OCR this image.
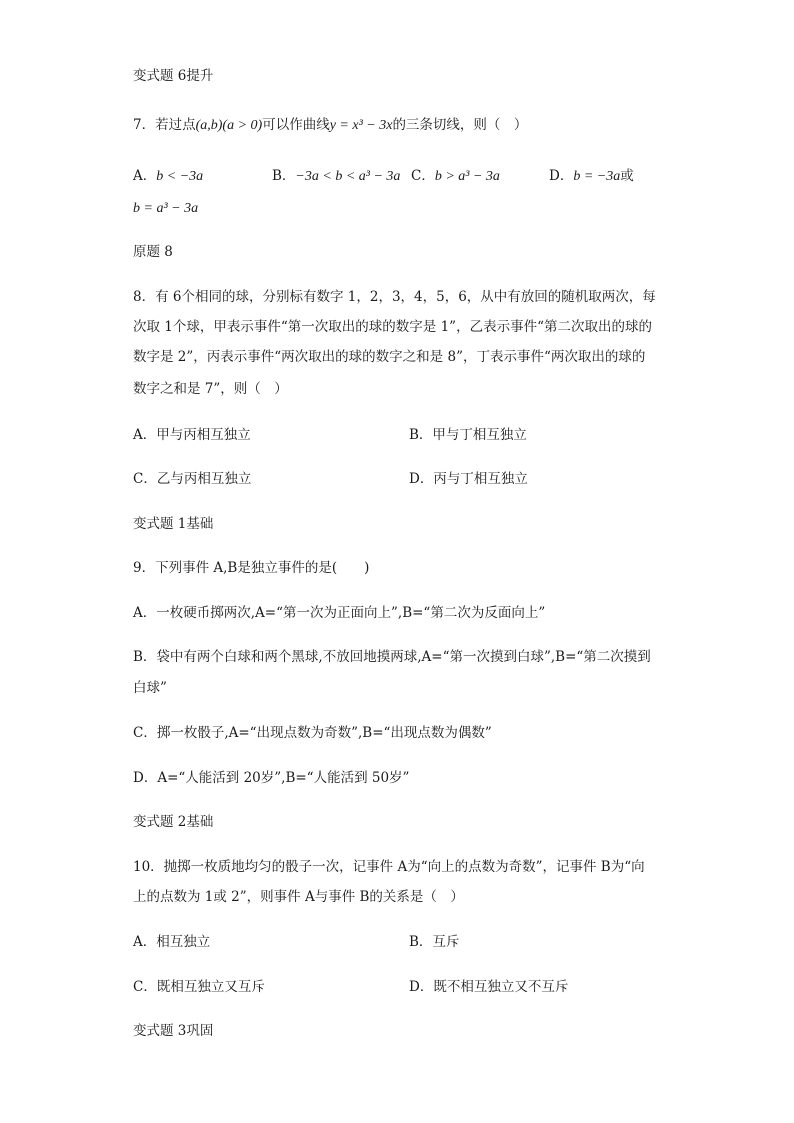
变式题 6提升
7．若过点(a,b)(a > 0)可以作曲线y = x³ − 3x的三条切线，则（　）
A．b < −3a	B．−3a < b < a³ − 3a C．b > a³ − 3a	D．b = −3a或
b = a³ − 3a
原题 8
8．有 6个相同的球，分别标有数字 1，2，3，4，5，6，从中有放回的随机取两次，每
次取 1个球，甲表示事件“第一次取出的球的数字是 1”，乙表示事件“第二次取出的球的
数字是 2”，丙表示事件“两次取出的球的数字之和是 8”，丁表示事件“两次取出的球的
数字之和是 7”，则（　）
A．甲与丙相互独立	B．甲与丁相互独立
C．乙与丙相互独立	D．丙与丁相互独立
变式题 1基础
9．下列事件 A,B是独立事件的是(　　)
A．一枚硬币掷两次,A=“第一次为正面向上”,B=“第二次为反面向上”
B．袋中有两个白球和两个黑球,不放回地摸两球,A=“第一次摸到白球”,B=“第二次摸到
白球”
C．掷一枚骰子,A=“出现点数为奇数”,B=“出现点数为偶数”
D．A=“人能活到 20岁”,B=“人能活到 50岁”
变式题 2基础
10．抛掷一枚质地均匀的骰子一次，记事件 A为“向上的点数为奇数”，记事件 B为“向
上的点数为 1或 2”，则事件 A与事件 B的关系是（　）
A．相互独立	B．互斥
C．既相互独立又互斥	D．既不相互独立又不互斥
变式题 3巩固
